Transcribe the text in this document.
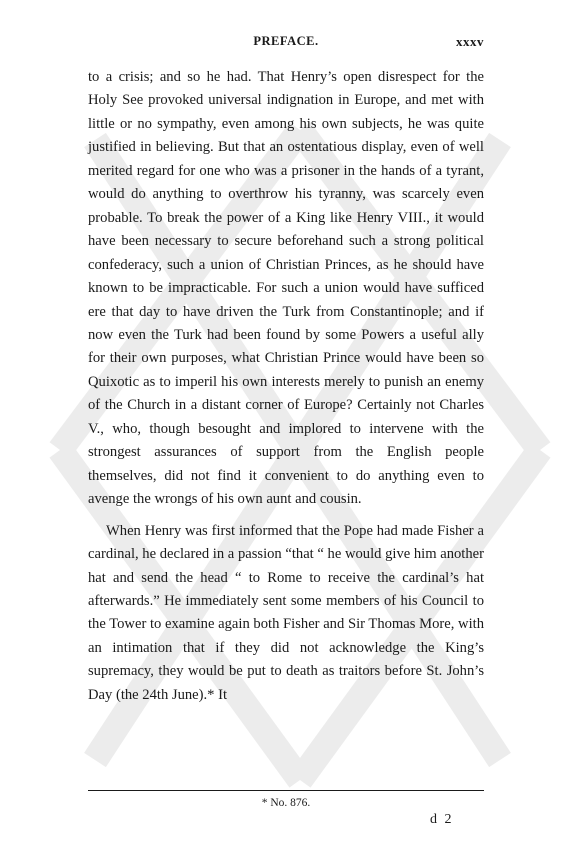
PREFACE.	xxxv

to a crisis; and so he had. That Henry’s open disrespect for the Holy See provoked universal indignation in Europe, and met with little or no sympathy, even among his own subjects, he was quite justified in believing. But that an ostentatious display, even of well merited regard for one who was a prisoner in the hands of a tyrant, would do anything to overthrow his tyranny, was scarcely even probable. To break the power of a King like Henry VIII., it would have been necessary to secure beforehand such a strong political confederacy, such a union of Christian Princes, as he should have known to be impracticable. For such a union would have sufficed ere that day to have driven the Turk from Constantinople; and if now even the Turk had been found by some Powers a useful ally for their own purposes, what Christian Prince would have been so Quixotic as to imperil his own interests merely to punish an enemy of the Church in a distant corner of Europe? Certainly not Charles V., who, though besought and implored to intervene with the strongest assurances of support from the English people themselves, did not find it convenient to do anything even to avenge the wrongs of his own aunt and cousin.

When Henry was first informed that the Pope had made Fisher a cardinal, he declared in a passion “that “ he would give him another hat and send the head “ to Rome to receive the cardinal’s hat afterwards.” He immediately sent some members of his Council to the Tower to examine again both Fisher and Sir Thomas More, with an intimation that if they did not acknowledge the King’s supremacy, they would be put to death as traitors before St. John’s Day (the 24th June).* It

* No. 876.
d 2
